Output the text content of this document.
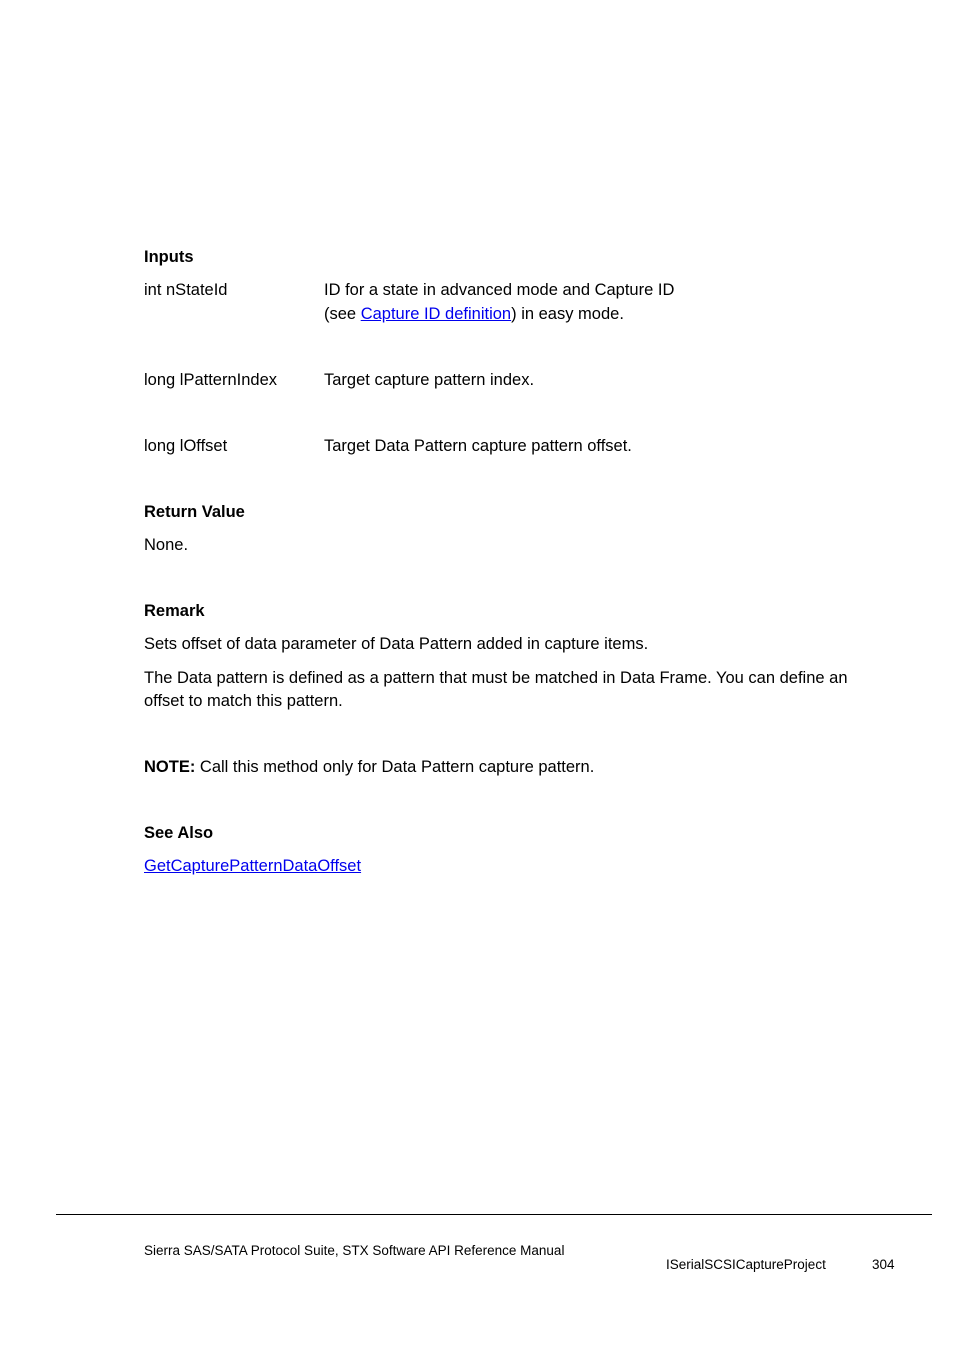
Inputs
int nStateId	ID for a state in advanced mode and Capture ID
(see Capture ID definition) in easy mode.
long lPatternIndex	Target capture pattern index.
long lOffset	Target Data Pattern capture pattern offset.
Return Value
None.
Remark
Sets offset of data parameter of Data Pattern added in capture items.
The Data pattern is defined as a pattern that must be matched in Data Frame. You can define an
offset to match this pattern.
NOTE: Call this method only for Data Pattern capture pattern.
See Also
GetCapturePatternDataOffset
Sierra SAS/SATA Protocol Suite, STX Software API Reference Manual
ISerialSCSICaptureProject	304
